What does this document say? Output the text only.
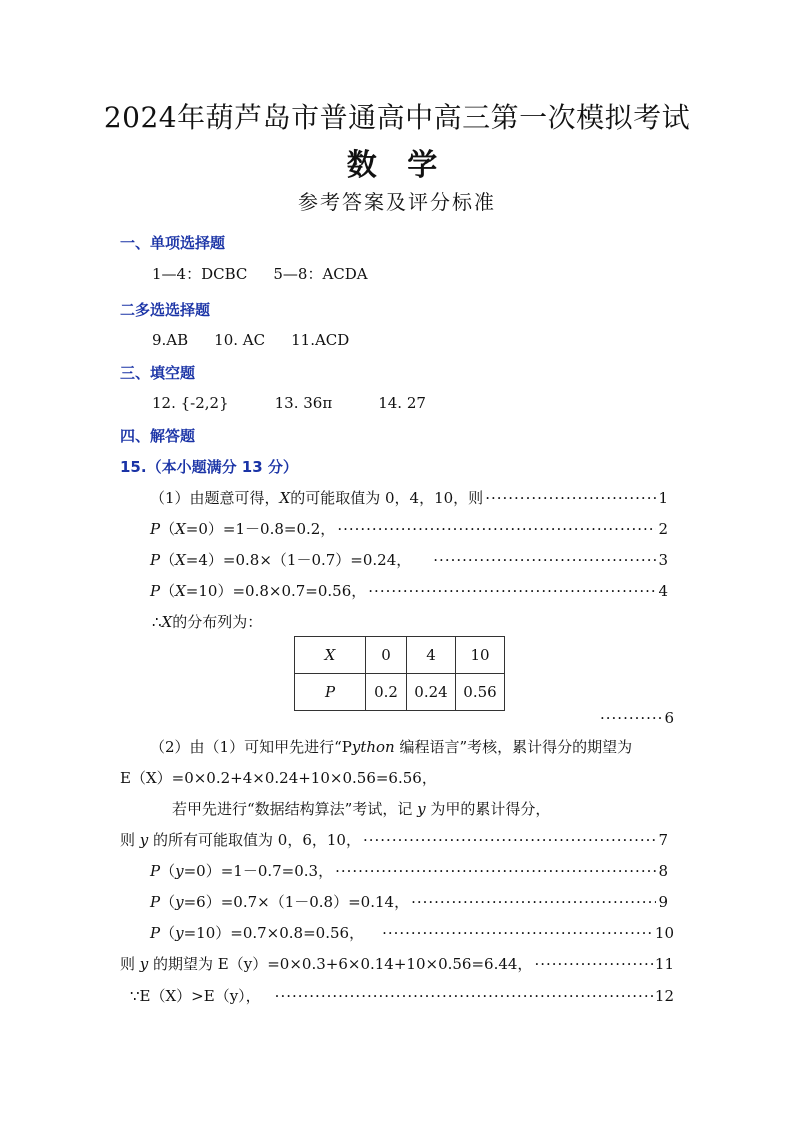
2024年葫芦岛市普通高中高三第一次模拟考试
数 学
参考答案及评分标准
一、单项选择题
1—4：DCBC 5—8：ACDA
二多选选择题
9.AB 10. AC 11.ACD
三、填空题
12. {-2,2}	13. 36π	14. 27
四、解答题
15.（本小题满分 13 分）
（1）由题意可得，X的可能取值为 0，4，10，则 ·····	1
P（X=0）=1－0.8=0.2， ·····	2
P（X=4）=0.8×（1－0.7）=0.24， ·····	3
P（X=10）=0.8×0.7=0.56， ·····	4
∴X的分布列为：
X	0	4	10
P	0.2	0.24	0.56
·····
6
（2）由（1）可知甲先进行“Python 编程语言”考核，累计得分的期望为
E（X）=0×0.2+4×0.24+10×0.56=6.56，
若甲先进行“数据结构算法”考试，记 y 为甲的累计得分，
则 y 的所有可能取值为 0，6，10， ·····	7
P（y=0）=1－0.7=0.3， ·····	8
P（y=6）=0.7×（1－0.8）=0.14， ·····	9
P（y=10）=0.7×0.8=0.56， ·····	10
则 y 的期望为 E（y）=0×0.3+6×0.14+10×0.56=6.44， ·····	11
∵E（X）>E（y）， ·····	12
